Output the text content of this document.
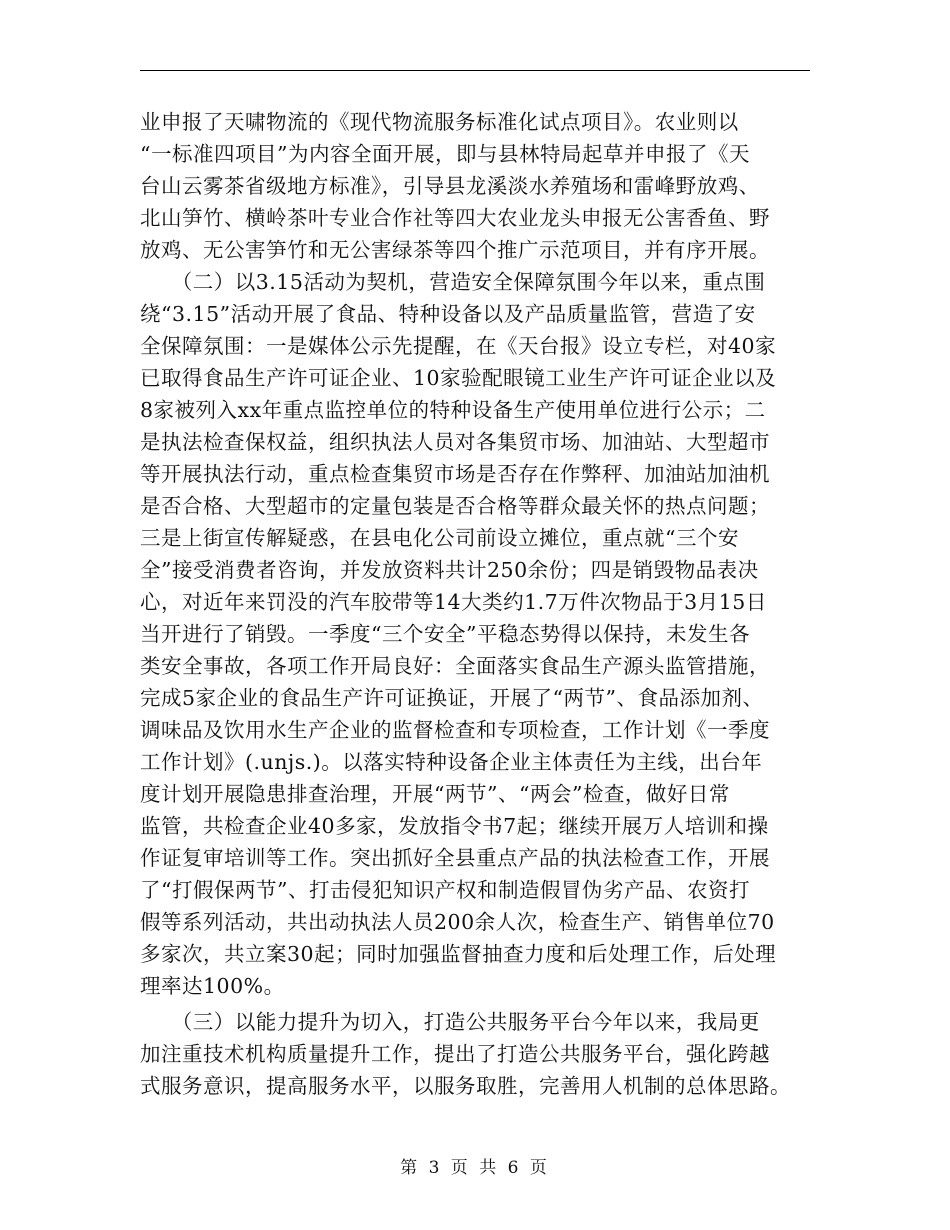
业申报了天啸物流的《现代物流服务标准化试点项目》。农业则以
“一标准四项目”为内容全面开展，即与县林特局起草并申报了《天
台山云雾茶省级地方标准》，引导县龙溪淡水养殖场和雷峰野放鸡、
北山笋竹、横岭茶叶专业合作社等四大农业龙头申报无公害香鱼、野
放鸡、无公害笋竹和无公害绿茶等四个推广示范项目，并有序开展。
　　（二）以3.15活动为契机，营造安全保障氛围今年以来，重点围
绕“3.15”活动开展了食品、特种设备以及产品质量监管，营造了安
全保障氛围：一是媒体公示先提醒，在《天台报》设立专栏，对40家
已取得食品生产许可证企业、10家验配眼镜工业生产许可证企业以及
8家被列入xx年重点监控单位的特种设备生产使用单位进行公示；二
是执法检查保权益，组织执法人员对各集贸市场、加油站、大型超市
等开展执法行动，重点检查集贸市场是否存在作弊秤、加油站加油机
是否合格、大型超市的定量包装是否合格等群众最关怀的热点问题；
三是上街宣传解疑惑，在县电化公司前设立摊位，重点就“三个安
全”接受消费者咨询，并发放资料共计250余份；四是销毁物品表决
心，对近年来罚没的汽车胶带等14大类约1.7万件次物品于3月15日
当开进行了销毁。一季度“三个安全”平稳态势得以保持，未发生各
类安全事故，各项工作开局良好：全面落实食品生产源头监管措施，
完成5家企业的食品生产许可证换证，开展了“两节”、食品添加剂、
调味品及饮用水生产企业的监督检查和专项检查，工作计划《一季度
工作计划》(.unjs.)。以落实特种设备企业主体责任为主线，出台年
度计划开展隐患排查治理，开展“两节”、“两会”检查，做好日常
监管，共检查企业40多家，发放指令书7起；继续开展万人培训和操
作证复审培训等工作。突出抓好全县重点产品的执法检查工作，开展
了“打假保两节”、打击侵犯知识产权和制造假冒伪劣产品、农资打
假等系列活动，共出动执法人员200余人次，检查生产、销售单位70
多家次，共立案30起；同时加强监督抽查力度和后处理工作，后处理
理率达100%。
　　（三）以能力提升为切入，打造公共服务平台今年以来，我局更
加注重技术机构质量提升工作，提出了打造公共服务平台，强化跨越
式服务意识，提高服务水平，以服务取胜，完善用人机制的总体思路。
第 3 页 共 6 页
